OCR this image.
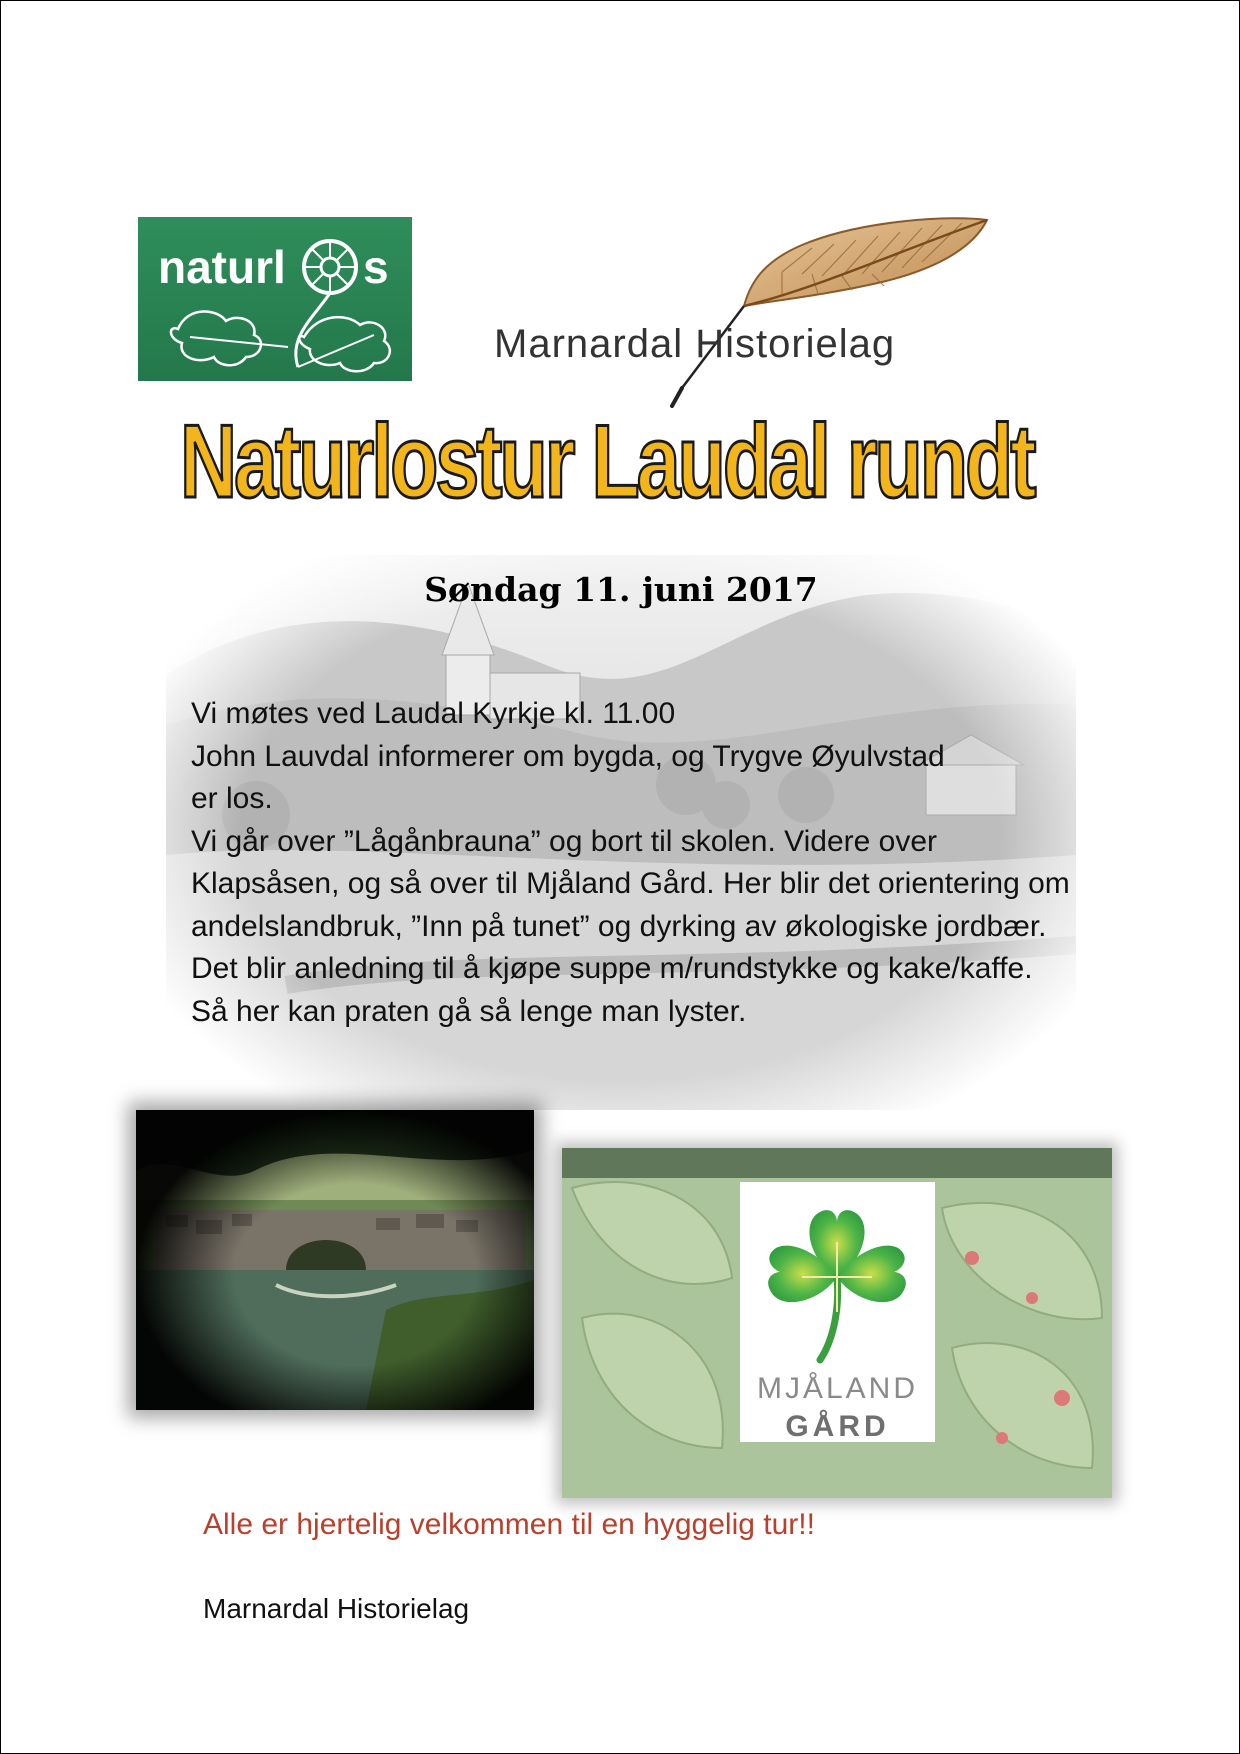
naturl s
Marnardal Historielag
Naturlostur Laudal rundt
Søndag 11. juni 2017

Vi møtes ved Laudal Kyrkje kl. 11.00

John Lauvdal informerer om bygda, og Trygve Øyulvstad er los.

Vi går over ”Lågånbrauna” og bort til skolen. Videre over Klapsåsen, og så over til Mjåland Gård. Her blir det orientering om andelslandbruk, ”Inn på tunet” og dyrking av økologiske jordbær. Det blir anledning til å kjøpe suppe m/rundstykke og kake/kaffe. Så her kan praten gå så lenge man lyster.

MJÅLAND
GÅRD
Alle er hjertelig velkommen til en hyggelig tur!!
Marnardal Historielag
